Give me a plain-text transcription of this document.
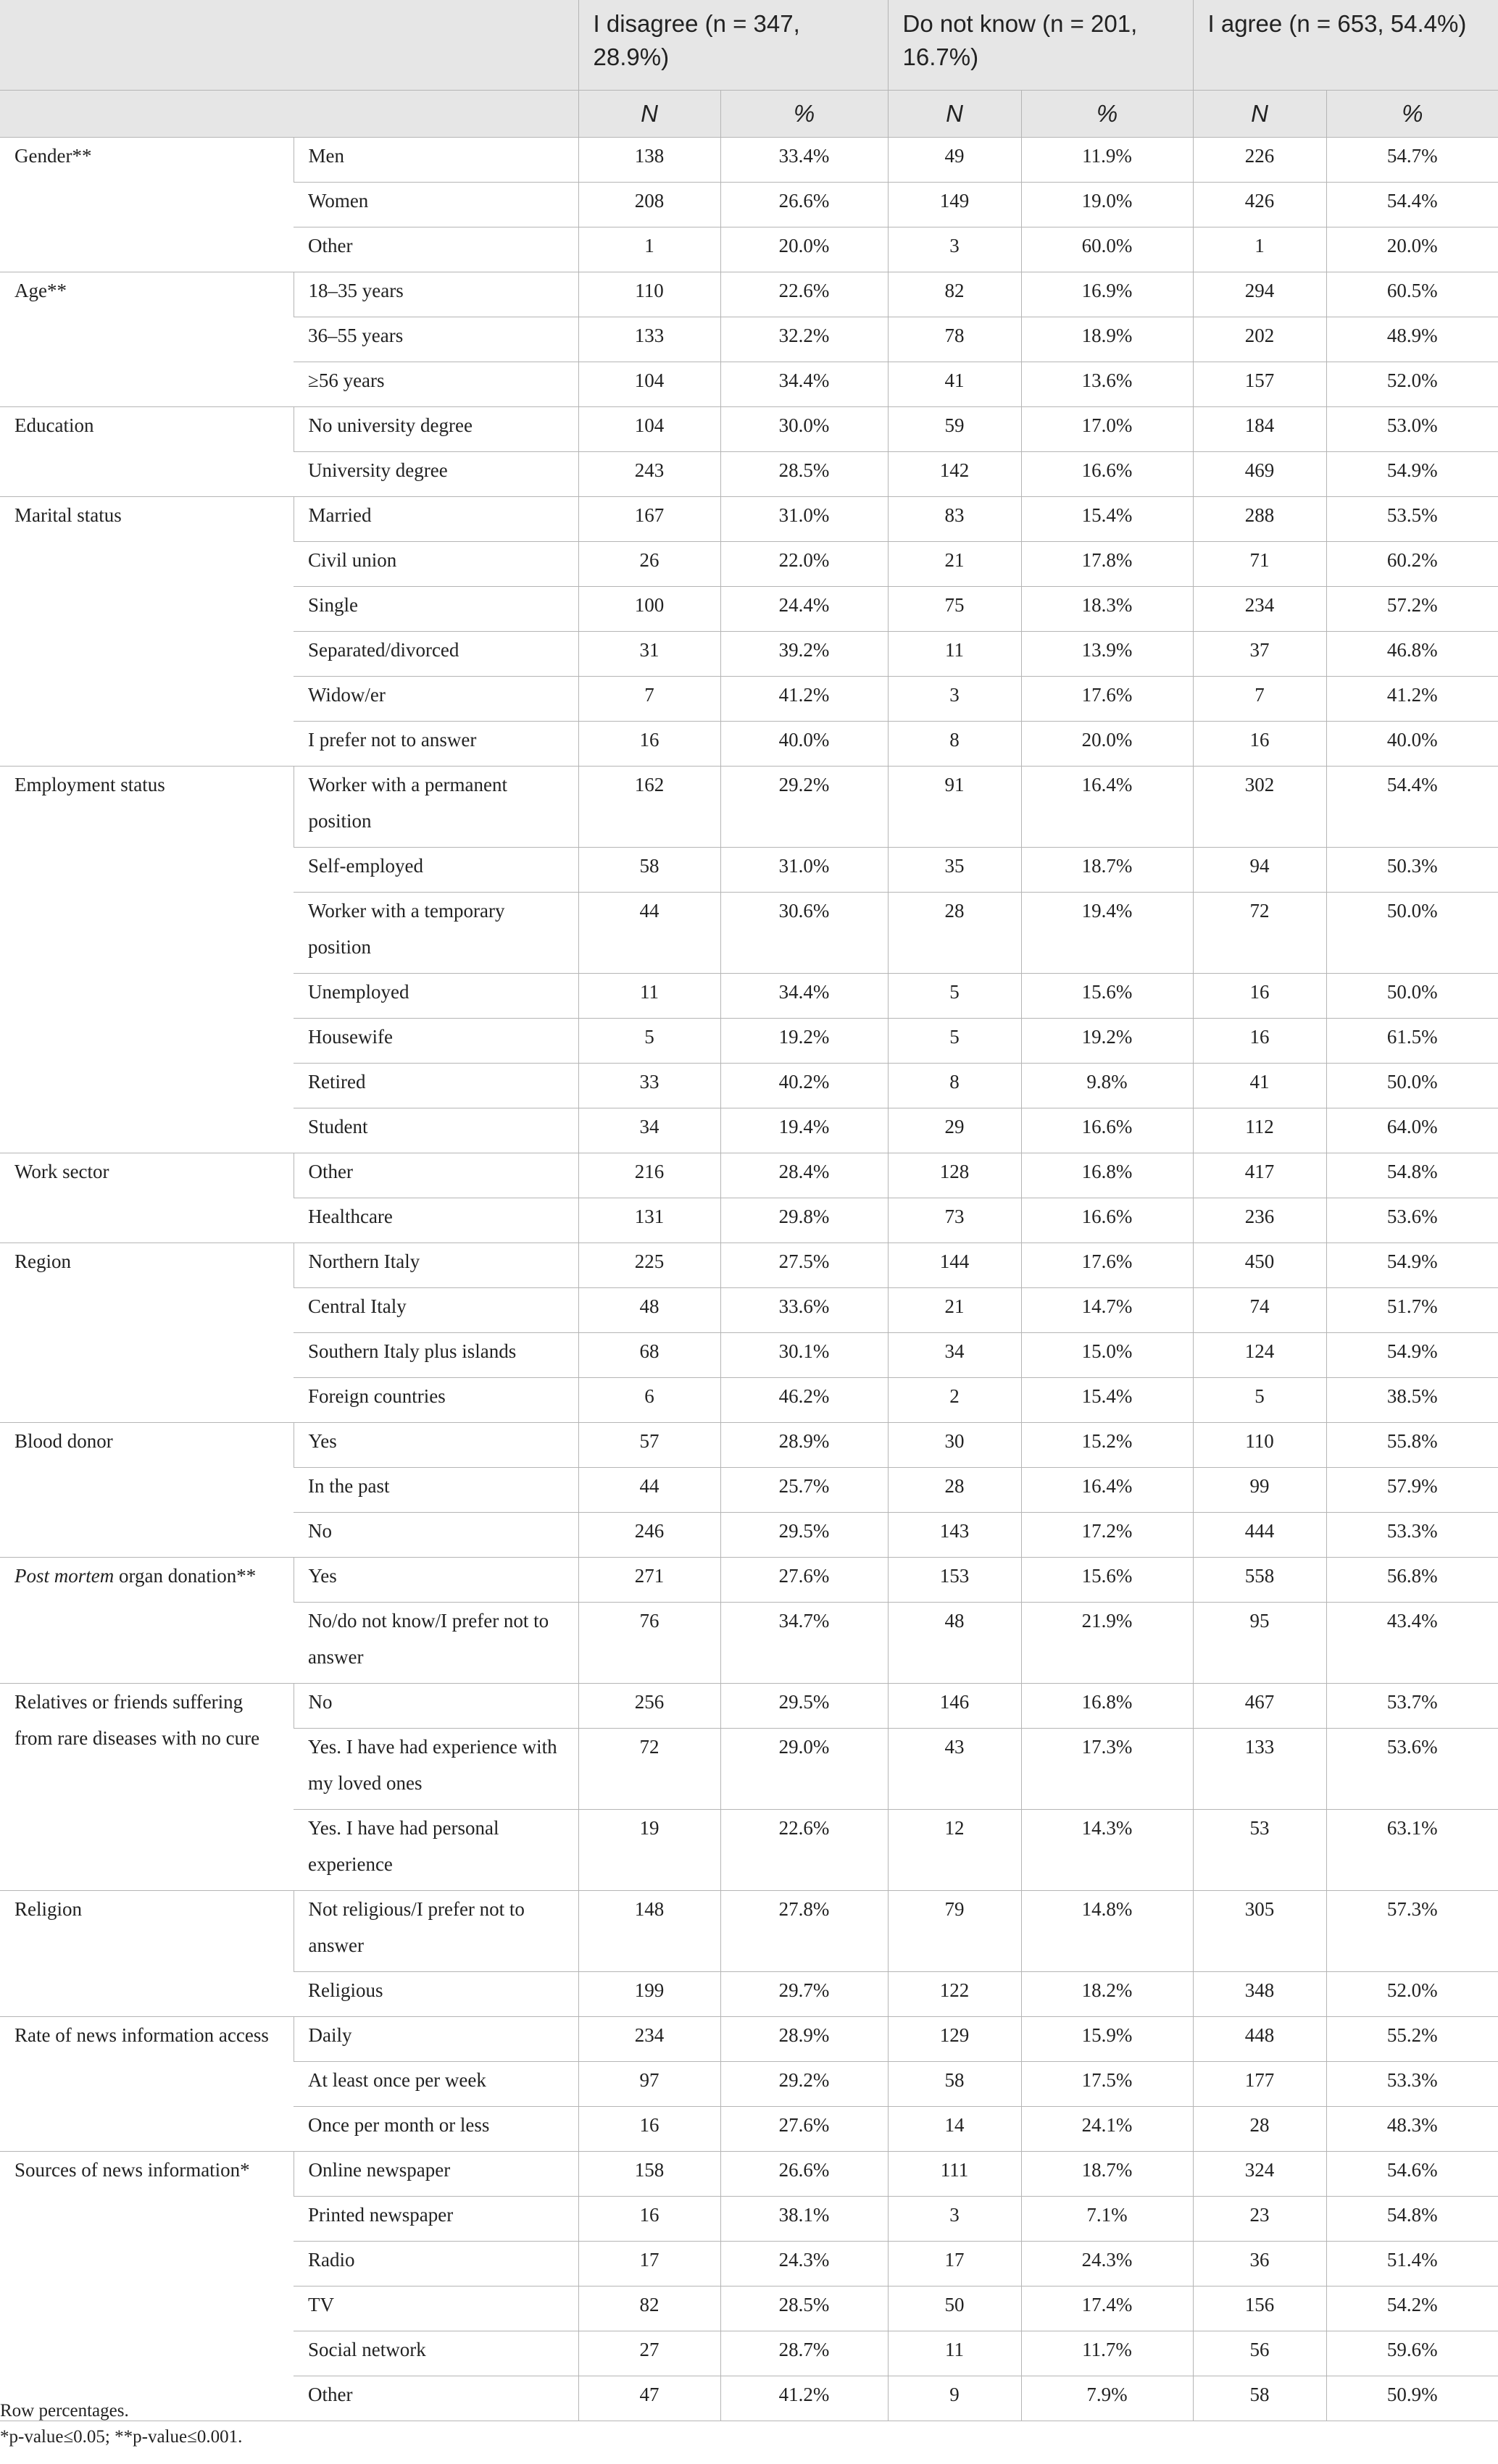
		I disagree (n = 347, 28.9%)		Do not know (n = 201, 16.7%)		I agree (n = 653, 54.4%)	
		N	%	N	%	N	%
Gender**	Men	138	33.4%	49	11.9%	226	54.7%
	Women	208	26.6%	149	19.0%	426	54.4%
	Other	1	20.0%	3	60.0%	1	20.0%
Age**	18–35 years	110	22.6%	82	16.9%	294	60.5%
	36–55 years	133	32.2%	78	18.9%	202	48.9%
	≥56 years	104	34.4%	41	13.6%	157	52.0%
Education	No university degree	104	30.0%	59	17.0%	184	53.0%
	University degree	243	28.5%	142	16.6%	469	54.9%
Marital status	Married	167	31.0%	83	15.4%	288	53.5%
	Civil union	26	22.0%	21	17.8%	71	60.2%
	Single	100	24.4%	75	18.3%	234	57.2%
	Separated/divorced	31	39.2%	11	13.9%	37	46.8%
	Widow/er	7	41.2%	3	17.6%	7	41.2%
	I prefer not to answer	16	40.0%	8	20.0%	16	40.0%
Employment status	Worker with a permanent position	162	29.2%	91	16.4%	302	54.4%
	Self-employed	58	31.0%	35	18.7%	94	50.3%
	Worker with a temporary position	44	30.6%	28	19.4%	72	50.0%
	Unemployed	11	34.4%	5	15.6%	16	50.0%
	Housewife	5	19.2%	5	19.2%	16	61.5%
	Retired	33	40.2%	8	9.8%	41	50.0%
	Student	34	19.4%	29	16.6%	112	64.0%
Work sector	Other	216	28.4%	128	16.8%	417	54.8%
	Healthcare	131	29.8%	73	16.6%	236	53.6%
Region	Northern Italy	225	27.5%	144	17.6%	450	54.9%
	Central Italy	48	33.6%	21	14.7%	74	51.7%
	Southern Italy plus islands	68	30.1%	34	15.0%	124	54.9%
	Foreign countries	6	46.2%	2	15.4%	5	38.5%
Blood donor	Yes	57	28.9%	30	15.2%	110	55.8%
	In the past	44	25.7%	28	16.4%	99	57.9%
	No	246	29.5%	143	17.2%	444	53.3%
Post mortem organ donation**	Yes	271	27.6%	153	15.6%	558	56.8%
	No/do not know/I prefer not to answer	76	34.7%	48	21.9%	95	43.4%
Relatives or friends suffering from rare diseases with no cure	No	256	29.5%	146	16.8%	467	53.7%
	Yes. I have had experience with my loved ones	72	29.0%	43	17.3%	133	53.6%
	Yes. I have had personal experience	19	22.6%	12	14.3%	53	63.1%
Religion	Not religious/I prefer not to answer	148	27.8%	79	14.8%	305	57.3%
	Religious	199	29.7%	122	18.2%	348	52.0%
Rate of news information access	Daily	234	28.9%	129	15.9%	448	55.2%
	At least once per week	97	29.2%	58	17.5%	177	53.3%
	Once per month or less	16	27.6%	14	24.1%	28	48.3%
Sources of news information*	Online newspaper	158	26.6%	111	18.7%	324	54.6%
	Printed newspaper	16	38.1%	3	7.1%	23	54.8%
	Radio	17	24.3%	17	24.3%	36	51.4%
	TV	82	28.5%	50	17.4%	156	54.2%
	Social network	27	28.7%	11	11.7%	56	59.6%
	Other	47	41.2%	9	7.9%	58	50.9%
Row percentages.
*p-value≤0.05; **p-value≤0.001.
